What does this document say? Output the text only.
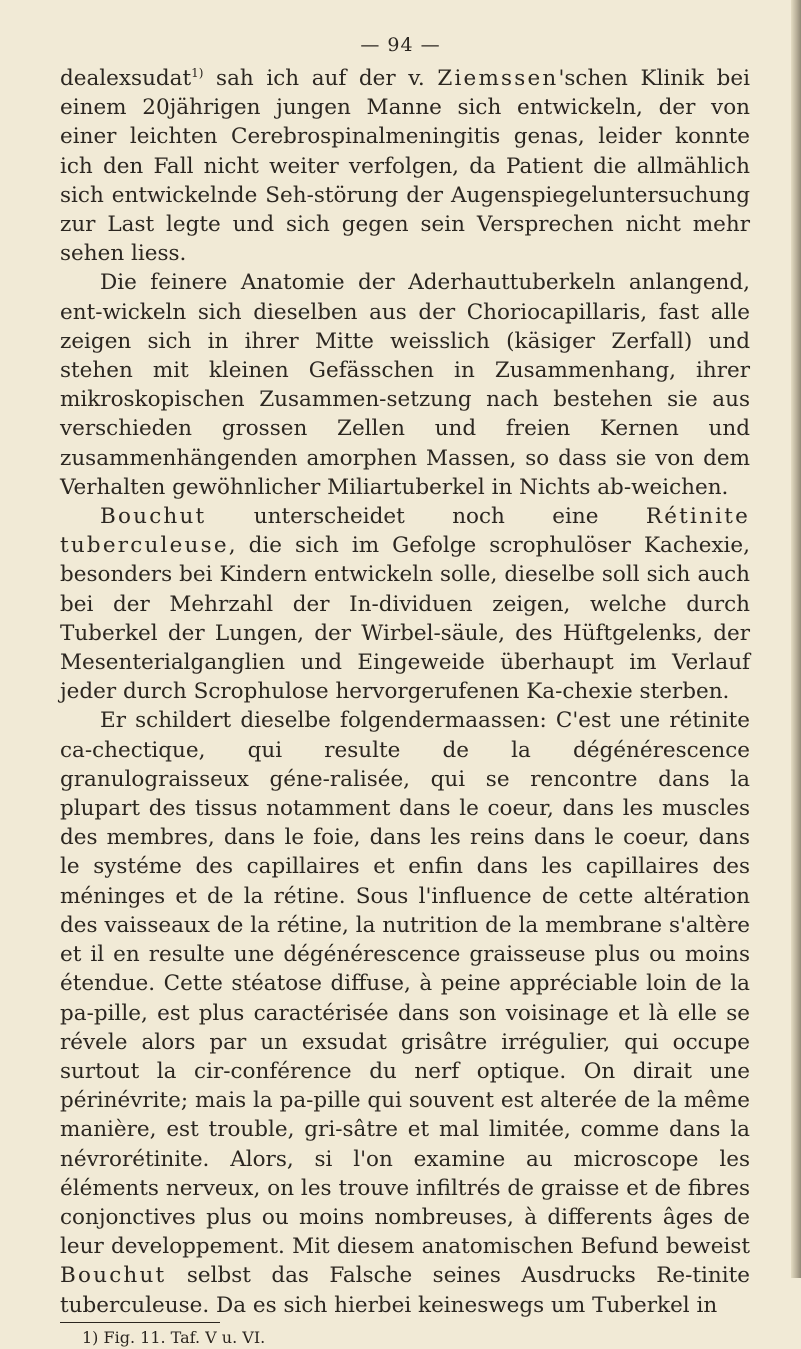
— 94 —

dealexsudat$^{1)}$ sah ich auf der v. Ziemssen'schen Klinik bei einem 20jährigen jungen Manne sich entwickeln, der von einer leichten Cerebrospinalmeningitis genas, leider konnte ich den Fall nicht weiter verfolgen, da Patient die allmählich sich entwickelnde Seh-störung der Augenspiegeluntersuchung zur Last legte und sich gegen sein Versprechen nicht mehr sehen liess.

Die feinere Anatomie der Aderhauttuberkeln anlangend, ent-wickeln sich dieselben aus der Choriocapillaris, fast alle zeigen sich in ihrer Mitte weisslich (käsiger Zerfall) und stehen mit kleinen Gefässchen in Zusammenhang, ihrer mikroskopischen Zusammen-setzung nach bestehen sie aus verschieden grossen Zellen und freien Kernen und zusammenhängenden amorphen Massen, so dass sie von dem Verhalten gewöhnlicher Miliartuberkel in Nichts ab-weichen.

Bouchut unterscheidet noch eine Rétinite tuberculeuse, die sich im Gefolge scrophulöser Kachexie, besonders bei Kindern entwickeln solle, dieselbe soll sich auch bei der Mehrzahl der In-dividuen zeigen, welche durch Tuberkel der Lungen, der Wirbel-säule, des Hüftgelenks, der Mesenterialganglien und Eingeweide überhaupt im Verlauf jeder durch Scrophulose hervorgerufenen Ka-chexie sterben.

Er schildert dieselbe folgendermaassen: C'est une rétinite ca-chectique, qui resulte de la dégénérescence granulograisseux géne-ralisée, qui se rencontre dans la plupart des tissus notamment dans le coeur, dans les muscles des membres, dans le foie, dans les reins dans le coeur, dans le systéme des capillaires et enfin dans les capillaires des méninges et de la rétine. Sous l'influence de cette altération des vaisseaux de la rétine, la nutrition de la membrane s'altère et il en resulte une dégénérescence graisseuse plus ou moins étendue. Cette stéatose diffuse, à peine appréciable loin de la pa-pille, est plus caractérisée dans son voisinage et là elle se révele alors par un exsudat grisâtre irrégulier, qui occupe surtout la cir-conférence du nerf optique. On dirait une périnévrite; mais la pa-pille qui souvent est alterée de la même manière, est trouble, gri-sâtre et mal limitée, comme dans la névrorétinite. Alors, si l'on examine au microscope les éléments nerveux, on les trouve infiltrés de graisse et de fibres conjonctives plus ou moins nombreuses, à differents âges de leur developpement. Mit diesem anatomischen Befund beweist Bouchut selbst das Falsche seines Ausdrucks Re-tinite tuberculeuse. Da es sich hierbei keineswegs um Tuberkel in

1) Fig. 11. Taf. V u. VI.
